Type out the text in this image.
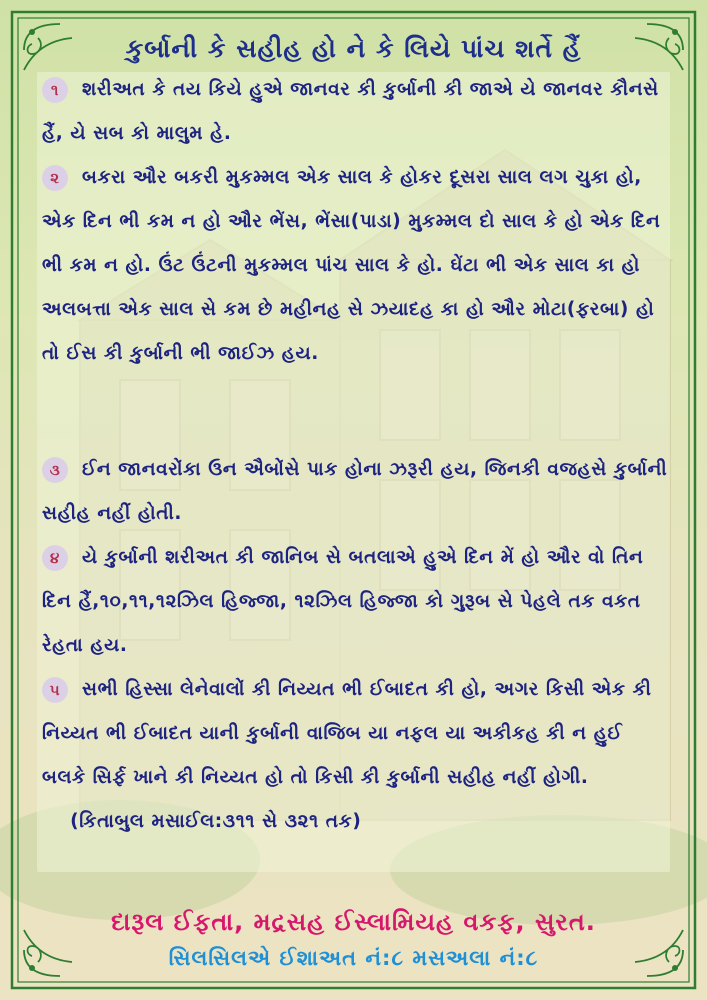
કુર્બાની કે સહીહ હો ને કે લિયે પાંચ શર્તે હૈં
૧ શરીઅત કે તય કિયે હુએ જાનવર કી કુર્બાની કી જાએ યે જાનવર કૌનસે હૈં, યે સબ કો માલુમ હે.
૨ બકરા ઔર બકરી મુકમ્મલ એક સાલ કે હોકર દૂસરા સાલ લગ ચુકા હો, એક દિન ભી કમ ન હો ઔર ભેંસ, ભેંસા(પાડા) મુકમ્મલ દો સાલ કે હો એક દિન ભી કમ ન હો. ઉંટ ઉંટની મુકમ્મલ પાંચ સાલ કે હો. ઘેંટા ભી એક સાલ કા હો અલબત્તા એક સાલ સે કમ છે મહીનહ સે ઝયાદહ કા હો ઔર મોટા(ફરબા) હો તો ઈસ કી કુર્બાની ભી જાઈઝ હય.
૩ ઈન જાનવરોંકા ઉન ઐબોંસે પાક હોના ઝરૂરી હય, જિનકી વજહસે કુર્બાની સહીહ નહીં હોતી.
૪ યે કુર્બાની શરીઅત કી જાનિબ સે બતલાએ હુએ દિન મેં હો ઔર વો તિન દિન હૈં,૧૦,૧૧,૧૨ઝિલ હિજ્જા, ૧૨ઝિલ હિજ્જા કો ગુરૂબ સે પેહલે તક વકત રેહતા હય.
૫ સભી હિસ્સા લેનેવાલોં કી નિય્યત ભી ઈબાદત કી હો, અગર કિસી એક કી નિય્યત ભી ઈબાદત યાની કુર્બાની વાજિબ યા નફલ યા અકીકહ કી ન હુઈ બલકે સિર્ફ ખાને કી નિય્યત હો તો કિસી કી કુર્બાની સહીહ નહીં હોગી.     (કિતાબુલ મસાઈલ:૩૧૧ સે ૩૨૧ તક)
દારૂલ ઈફતા, મદ્રસહ ઈસ્લામિયહ વકફ, સુરત.
સિલસિલએ ઈશાઅત નં:૮ મસઅલા નં:૮
